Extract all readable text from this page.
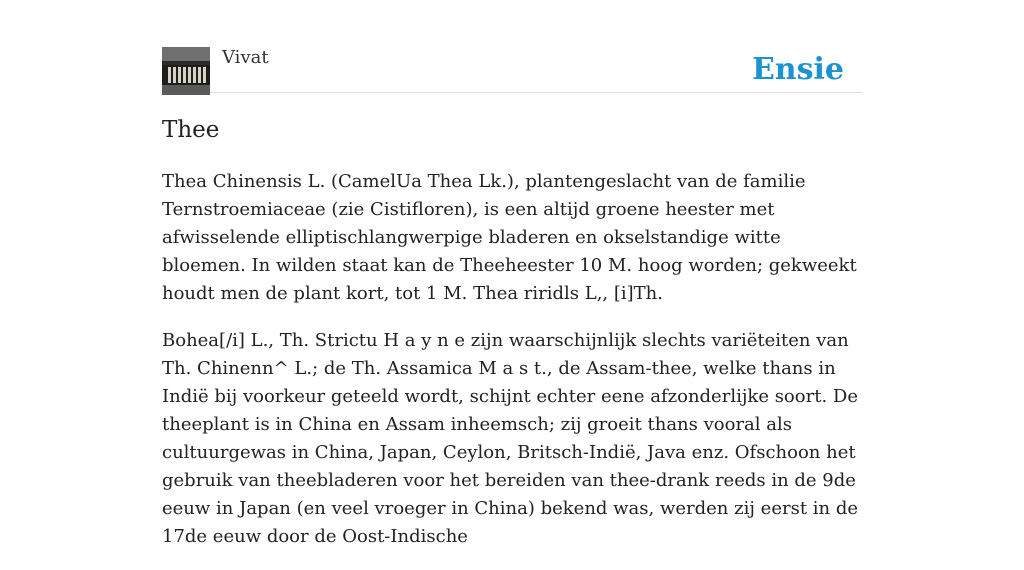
Vivat	Ensie
Thee

Thea Chinensis L. (CamelUa Thea Lk.), plantengeslacht van de familie Ternstroemiaceae (zie Cistifloren), is een altijd groene heester met afwisselende elliptischlangwerpige bladeren en okselstandige witte bloemen. In wilden staat kan de Theeheester 10 M. hoog worden; gekweekt houdt men de plant kort, tot 1 M. Thea riridls L,, [i]Th.

Bohea[/i] L., Th. Strictu H a y n e zijn waarschijnlijk slechts variëteiten van Th. Chinenn^ L.; de Th. Assamica M a s t., de Assam-thee, welke thans in Indië bij voorkeur geteeld wordt, schijnt echter eene afzonderlijke soort. De theeplant is in China en Assam inheemsch; zij groeit thans vooral als cultuurgewas in China, Japan, Ceylon, Britsch-Indië, Java enz. Ofschoon het gebruik van theebladeren voor het bereiden van thee-drank reeds in de 9de eeuw in Japan (en veel vroeger in China) bekend was, werden zij eerst in de 17de eeuw door de Oost-Indische
